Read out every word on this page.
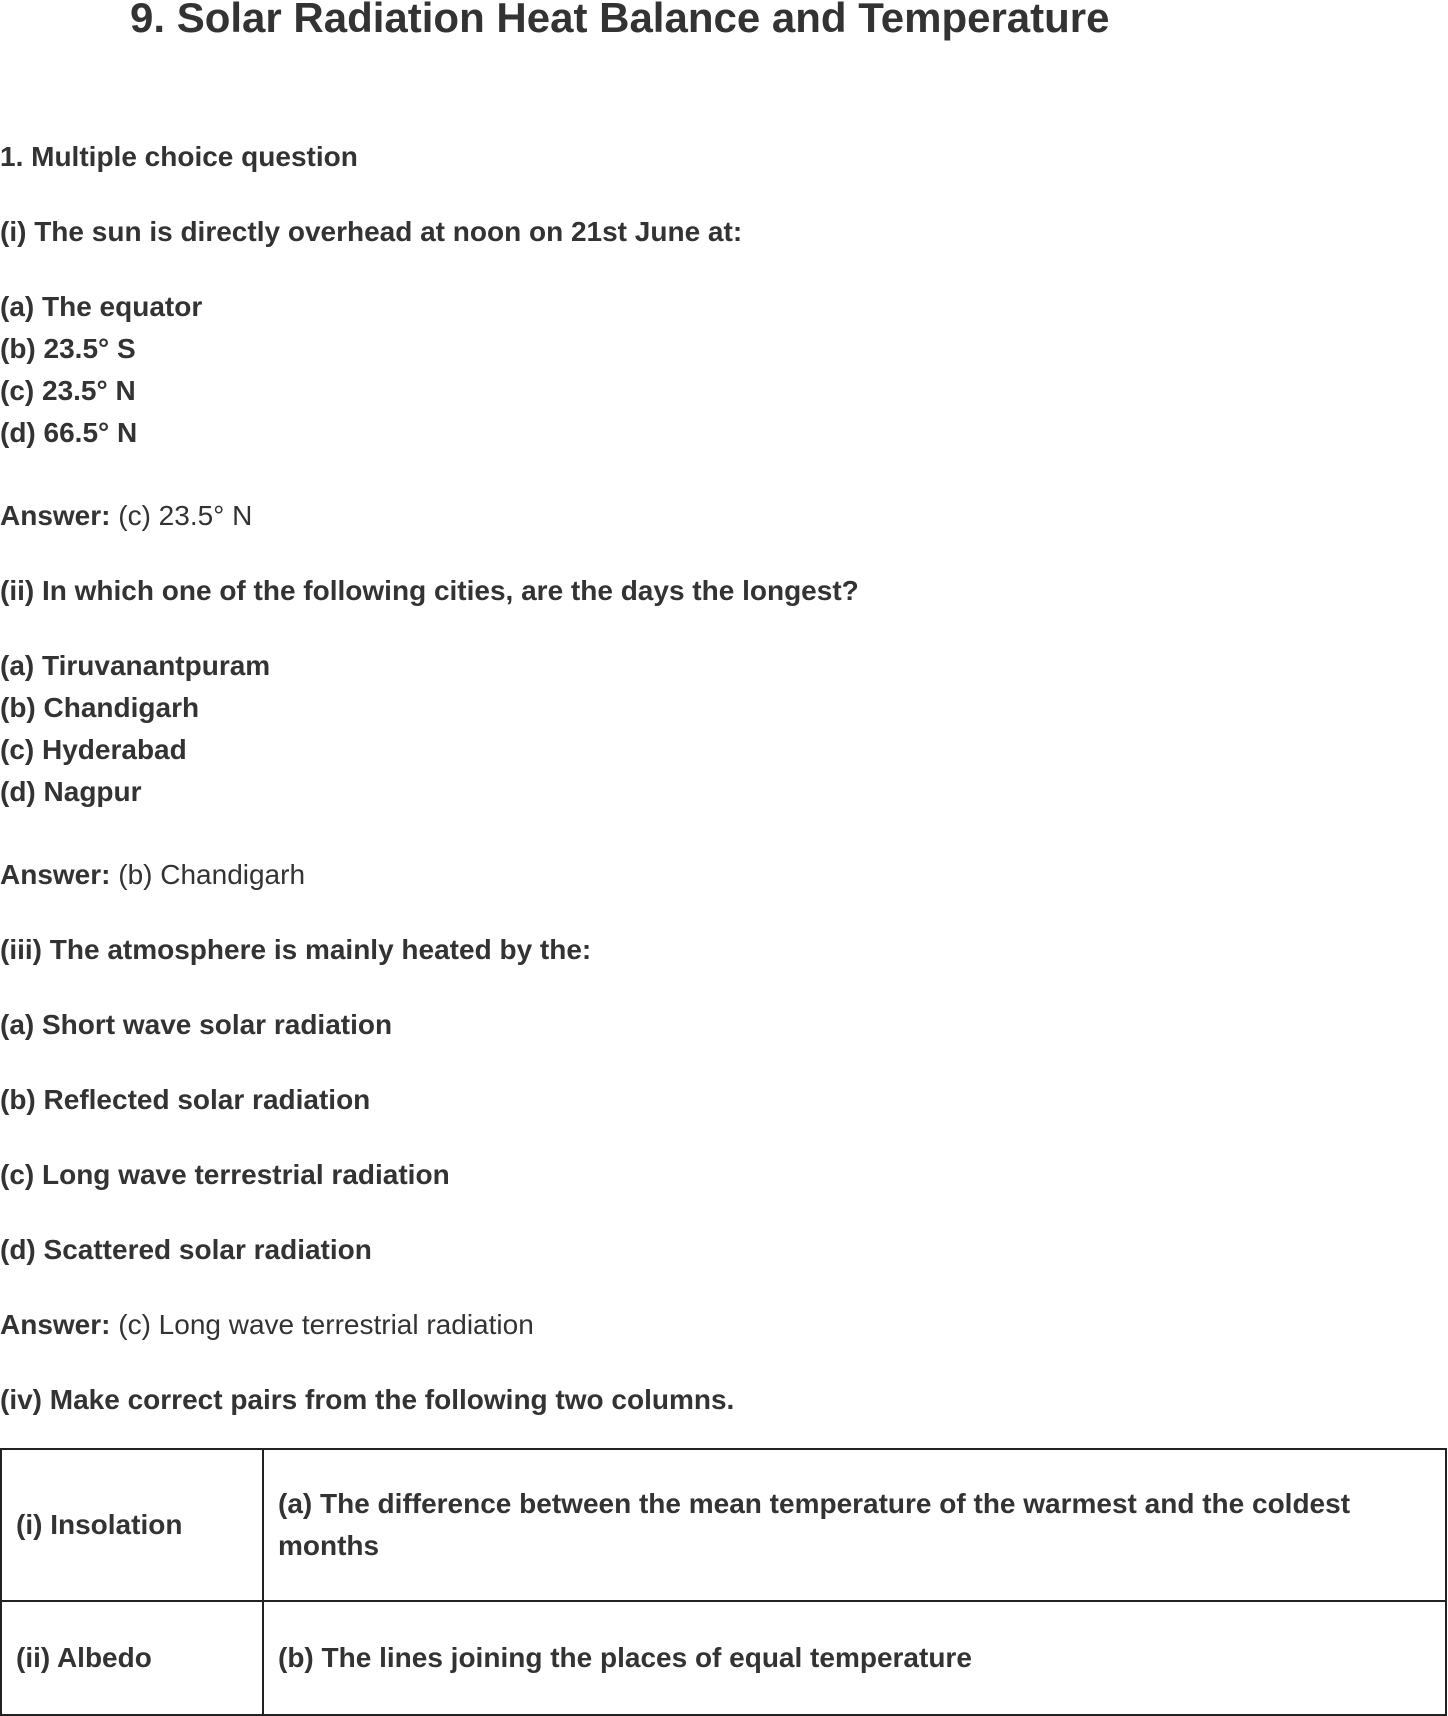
9. Solar Radiation Heat Balance and Temperature

1. Multiple choice question

(i) The sun is directly overhead at noon on 21st June at:

(a) The equator

(b) 23.5° S

(c) 23.5° N

(d) 66.5° N

Answer: (c) 23.5° N

(ii) In which one of the following cities, are the days the longest?

(a) Tiruvanantpuram

(b) Chandigarh

(c) Hyderabad

(d) Nagpur

Answer: (b) Chandigarh

(iii) The atmosphere is mainly heated by the:

(a) Short wave solar radiation

(b) Reflected solar radiation

(c) Long wave terrestrial radiation

(d) Scattered solar radiation

Answer: (c) Long wave terrestrial radiation

(iv) Make correct pairs from the following two columns.

(i) Insolation	(a) The difference between the mean temperature of the warmest and the coldest months
(ii) Albedo	(b) The lines joining the places of equal temperature
